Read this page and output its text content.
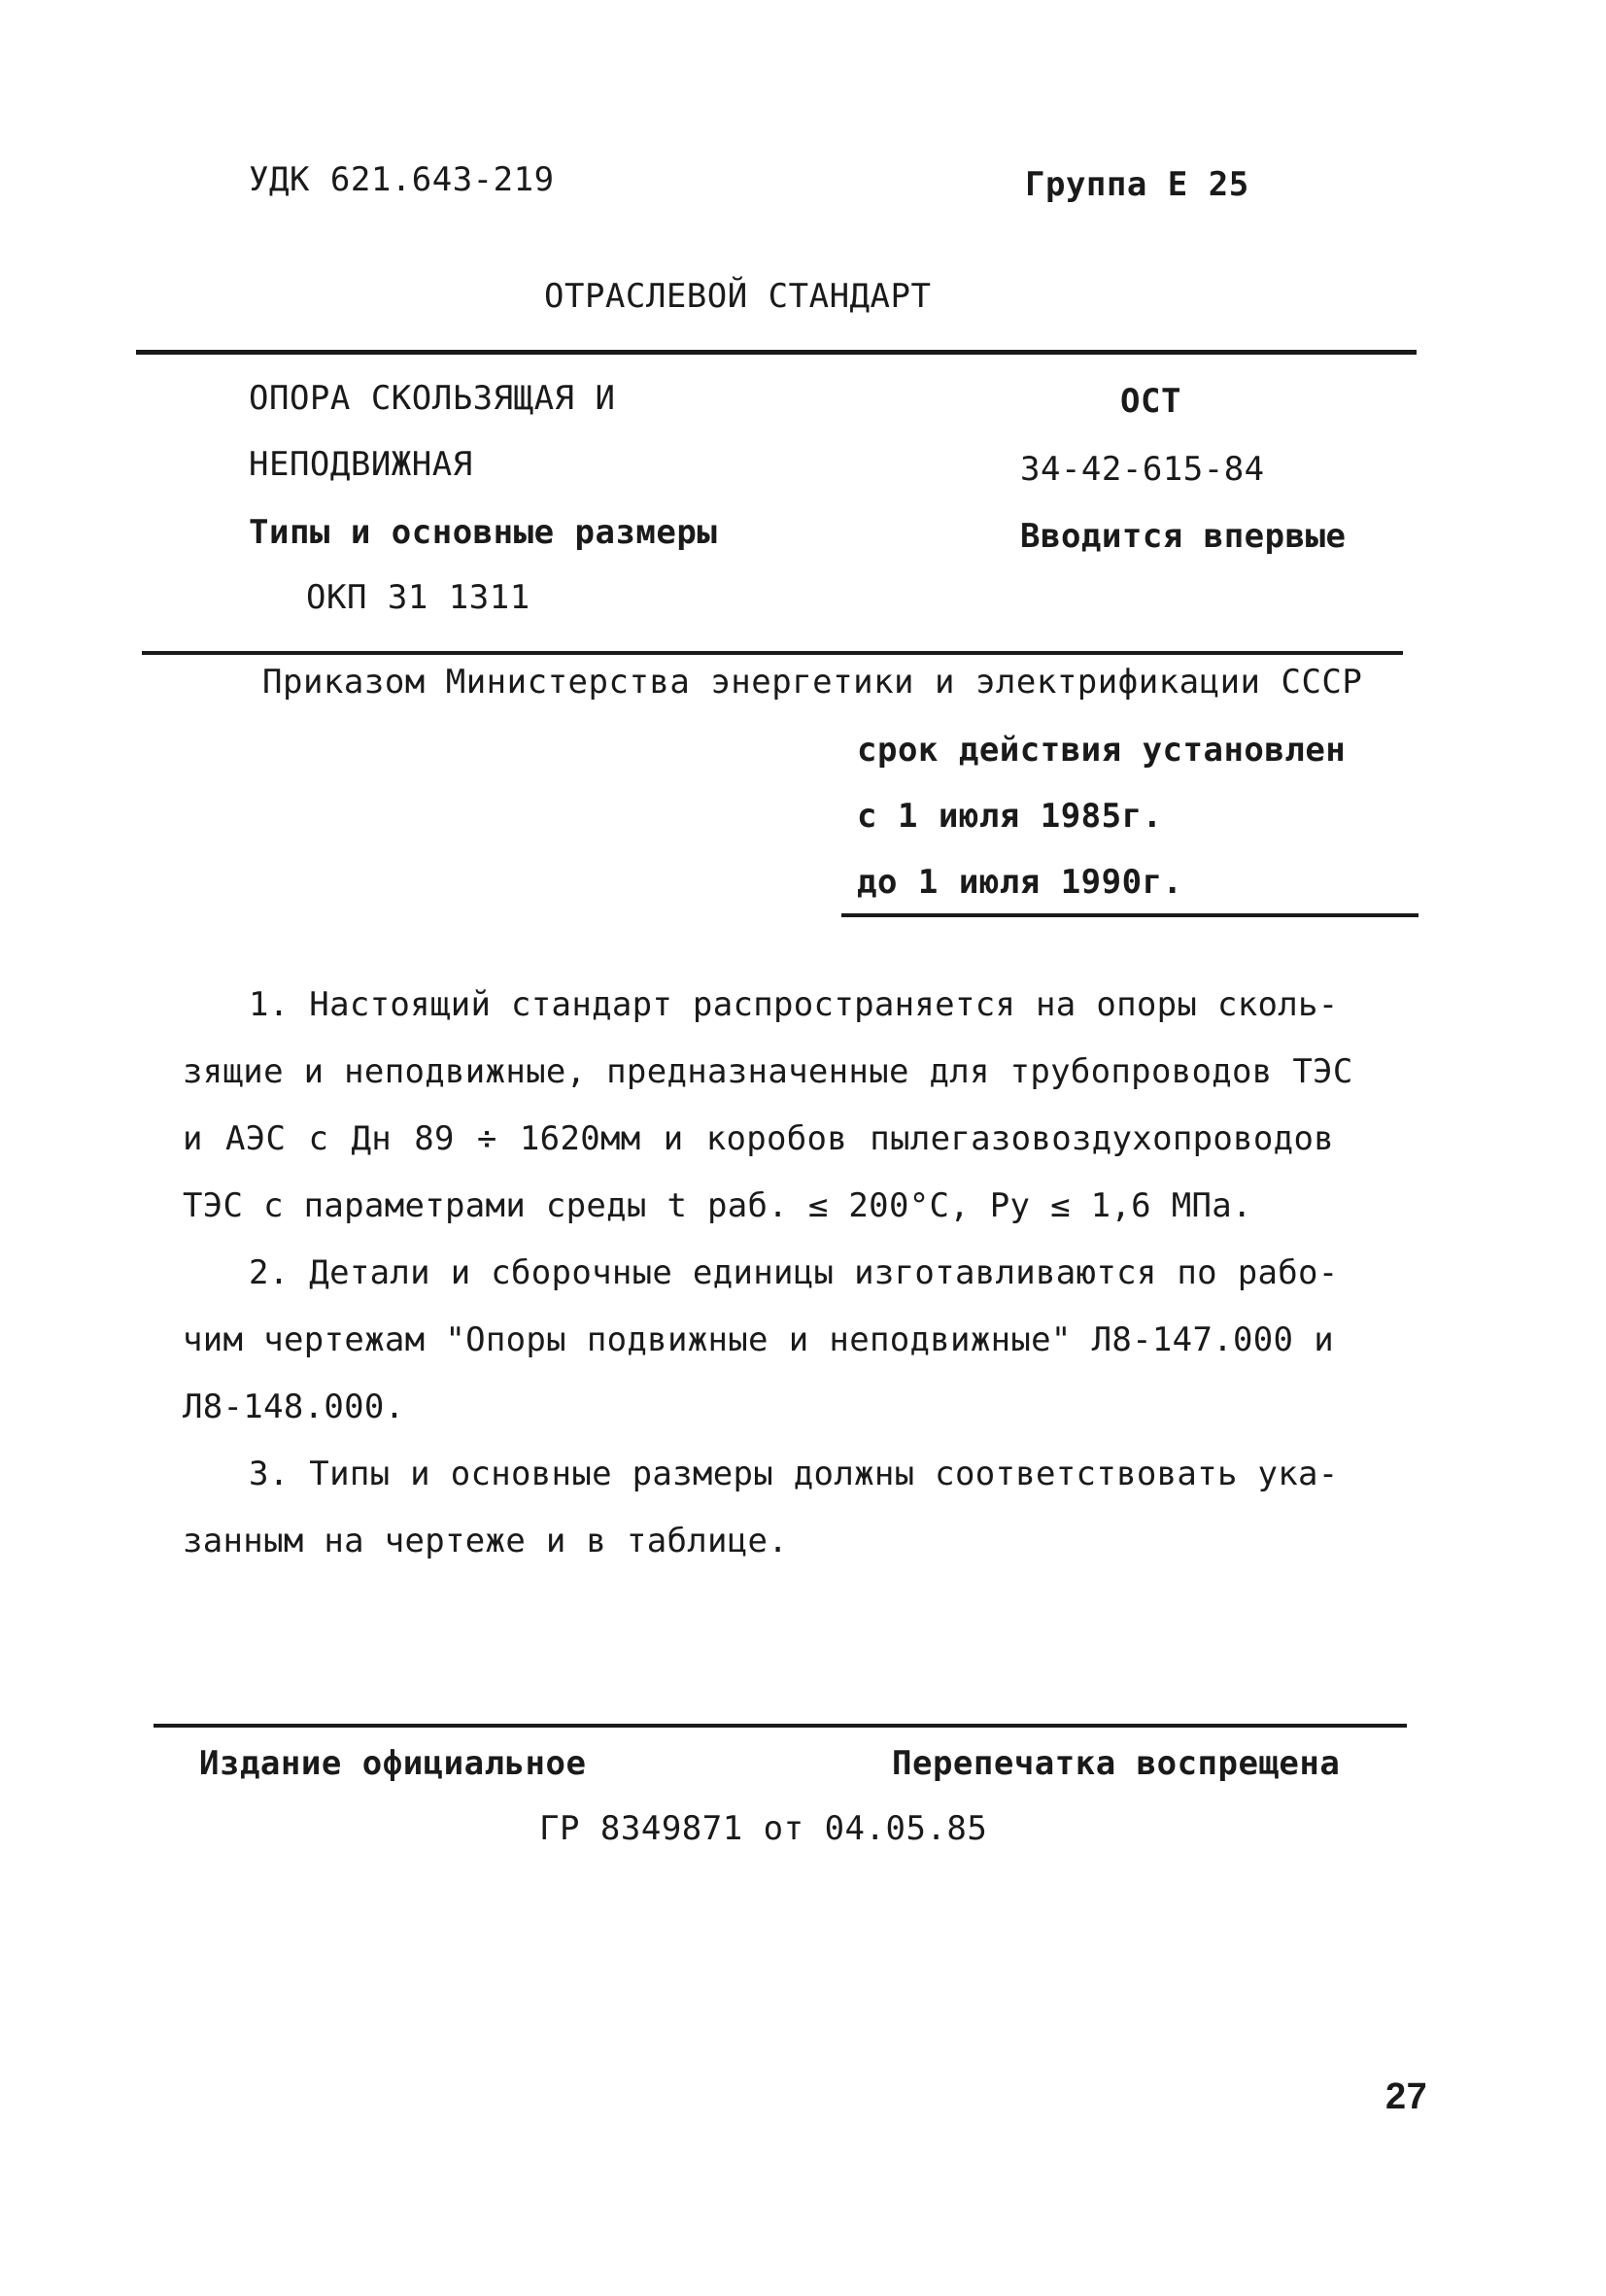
УДК 621.643-219	Группа Е 25
ОТРАСЛЕВОЙ СТАНДАРТ
ОПОРА СКОЛЬЗЯЩАЯ И
НЕПОДВИЖНАЯ
Типы и основные размеры
ОКП 31 1311
ОСТ
34-42-615-84
Вводится впервые
Приказом Министерства энергетики и электрификации СССР
срок действия установлен
с 1 июля 1985г.
до 1 июля 1990г.
1. Настоящий стандарт распространяется на опоры сколь-
зящие и неподвижные, предназначенные для трубопроводов ТЭС
и АЭС с Дн 89 ÷ 1620мм и коробов пылегазовоздухопроводов
ТЭС с параметрами среды t раб. ≤ 200°С, Ру ≤ 1,6 МПа.
2. Детали и сборочные единицы изготавливаются по рабо-
чим чертежам "Опоры подвижные и неподвижные" Л8-147.000 и
Л8-148.000.
3. Типы и основные размеры должны соответствовать ука-
занным на чертеже и в таблице.
Издание официальное	Перепечатка воспрещена
ГР 8349871 от 04.05.85
27
